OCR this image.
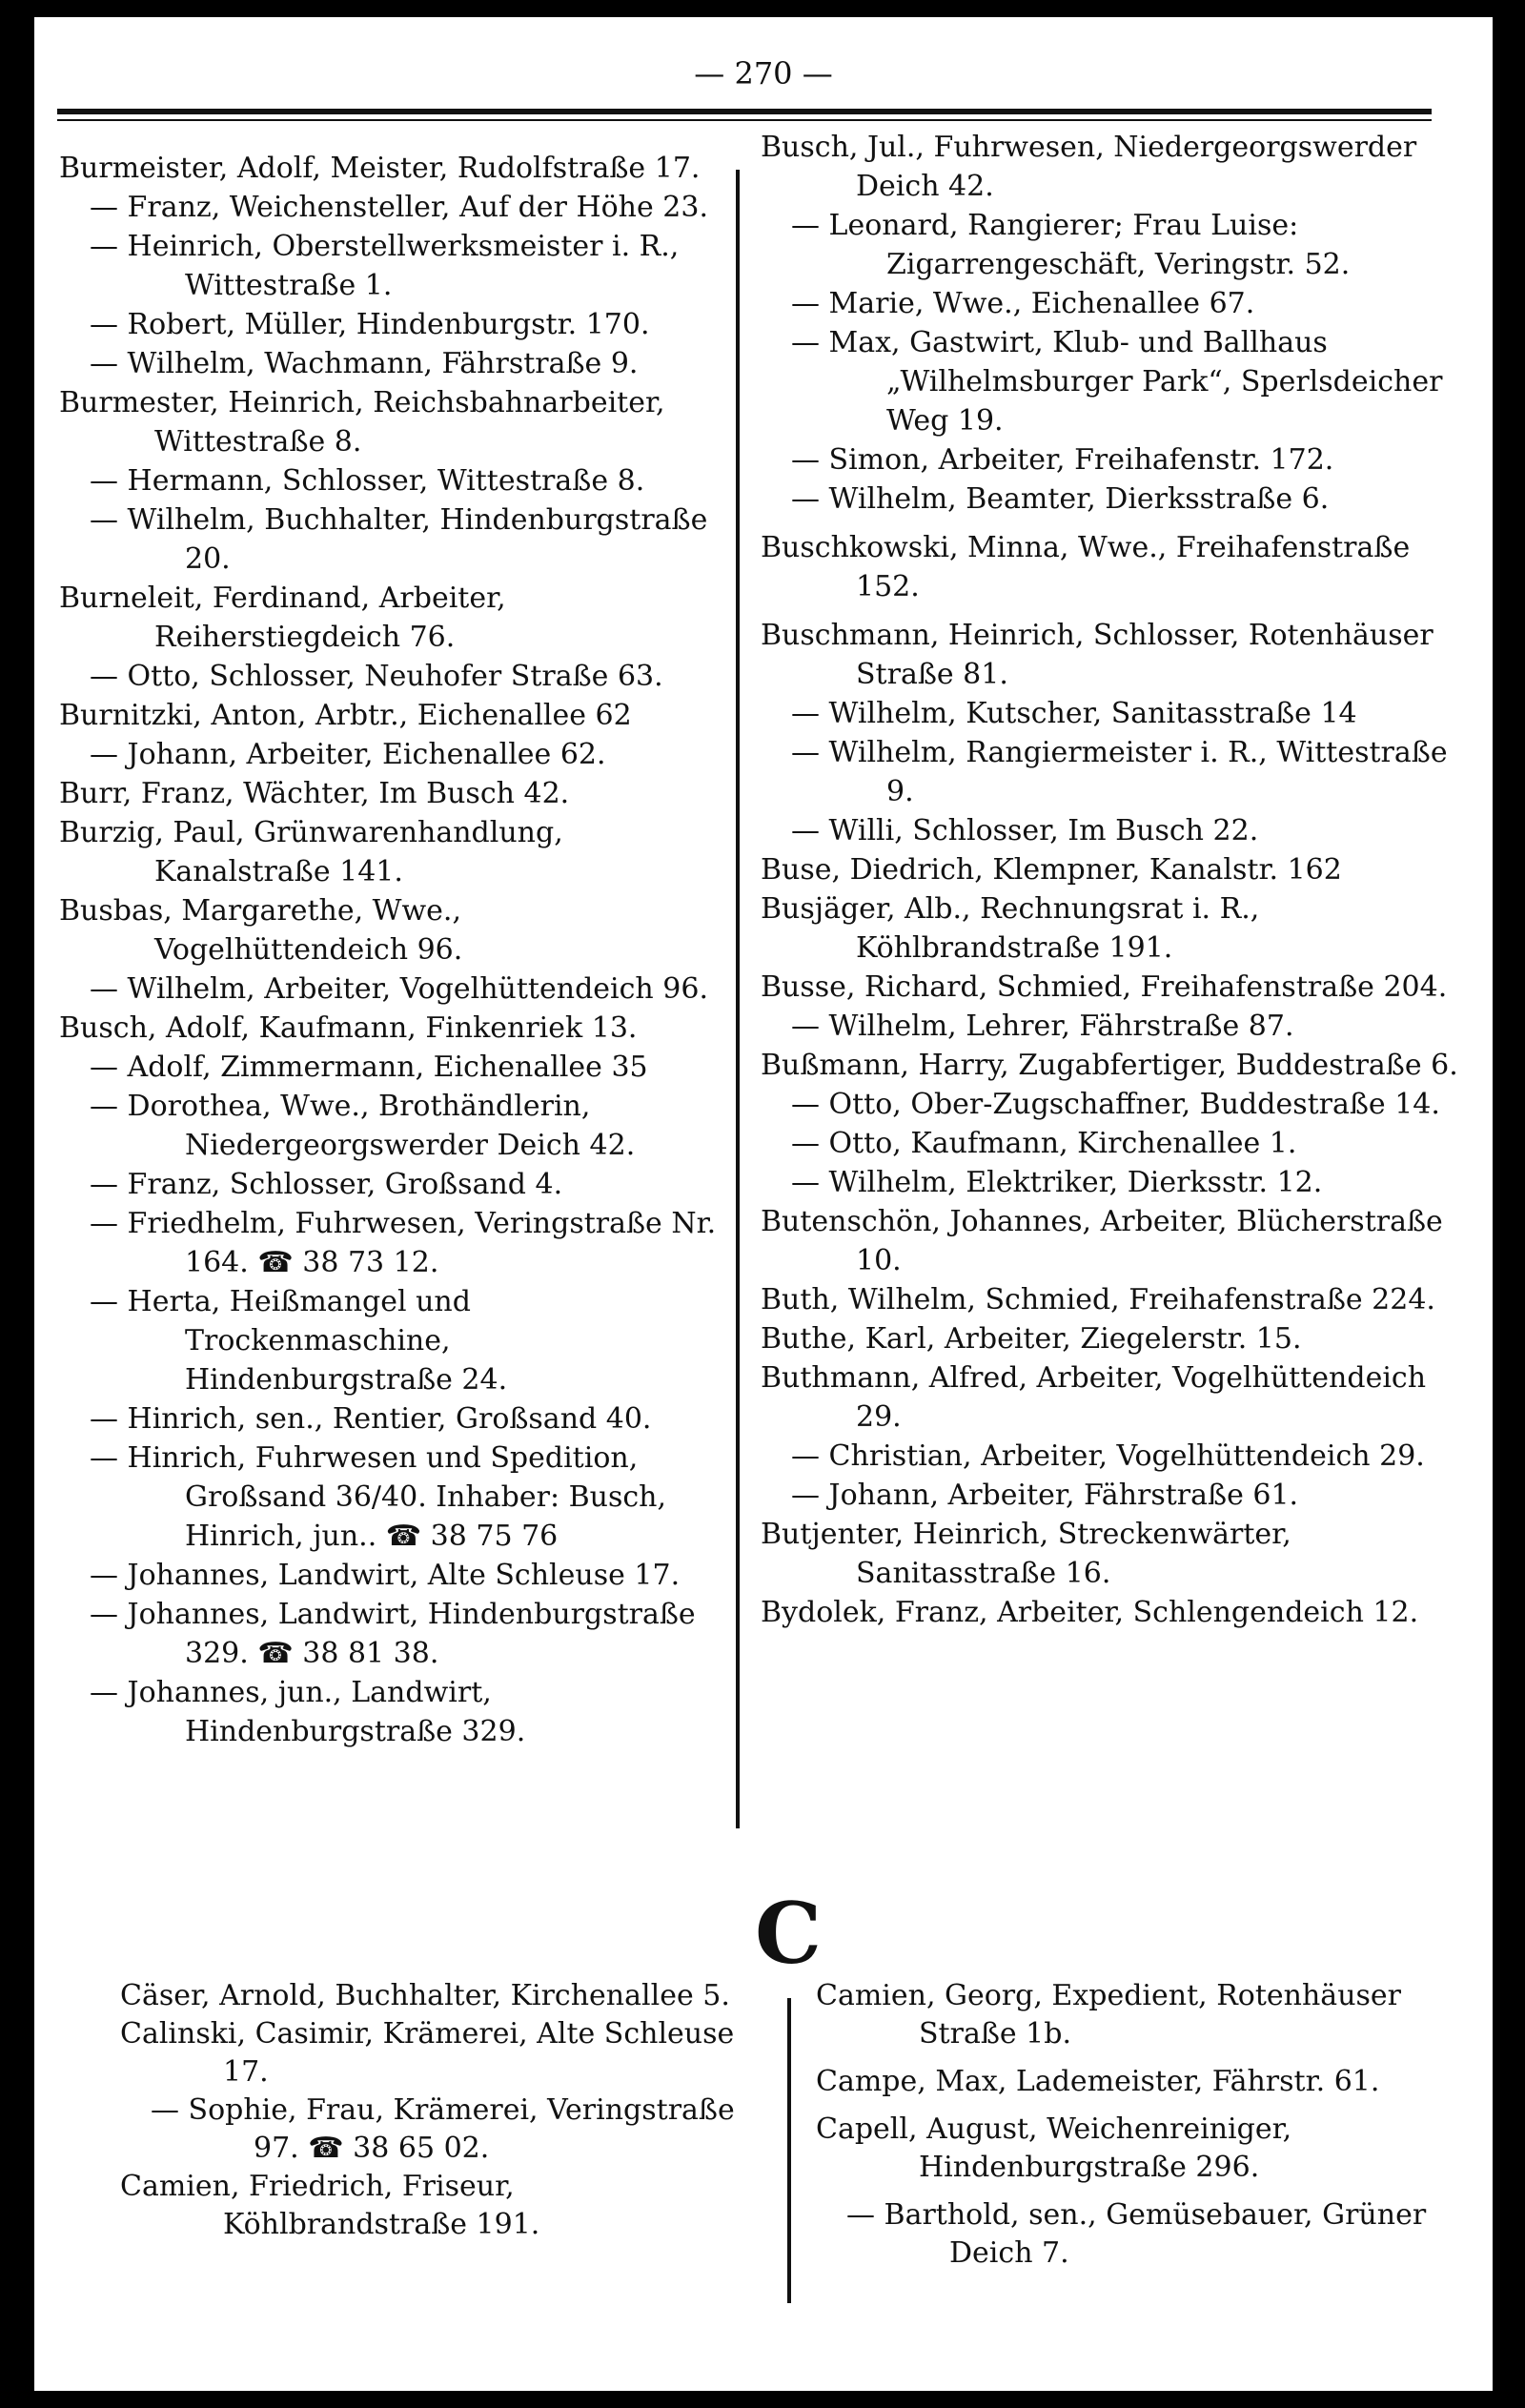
— 270 —
Burmeister, Adolf, Meister, Rudolfstraße 17.
— Franz, Weichensteller, Auf der Höhe 23.
— Heinrich, Oberstellwerksmeister i. R., Wittestraße 1.
— Robert, Müller, Hindenburgstr. 170.
— Wilhelm, Wachmann, Fährstraße 9.
Burmester, Heinrich, Reichsbahnarbeiter, Wittestraße 8.
— Hermann, Schlosser, Wittestraße 8.
— Wilhelm, Buchhalter, Hindenburgstraße 20.
Burneleit, Ferdinand, Arbeiter, Reiherstiegdeich 76.
— Otto, Schlosser, Neuhofer Straße 63.
Burnitzki, Anton, Arbtr., Eichenallee 62
— Johann, Arbeiter, Eichenallee 62.
Burr, Franz, Wächter, Im Busch 42.
Burzig, Paul, Grünwarenhandlung, Kanalstraße 141.
Busbas, Margarethe, Wwe., Vogelhüttendeich 96.
— Wilhelm, Arbeiter, Vogelhüttendeich 96.
Busch, Adolf, Kaufmann, Finkenriek 13.
— Adolf, Zimmermann, Eichenallee 35
— Dorothea, Wwe., Brothändlerin, Niedergeorgswerder Deich 42.
— Franz, Schlosser, Großsand 4.
— Friedhelm, Fuhrwesen, Veringstraße Nr. 164. ☎ 38 73 12.
— Herta, Heißmangel und Trockenmaschine, Hindenburgstraße 24.
— Hinrich, sen., Rentier, Großsand 40.
— Hinrich, Fuhrwesen und Spedition, Großsand 36/40. Inhaber: Busch, Hinrich, jun.. ☎ 38 75 76
— Johannes, Landwirt, Alte Schleuse 17.
— Johannes, Landwirt, Hindenburgstraße 329. ☎ 38 81 38.
— Johannes, jun., Landwirt, Hindenburgstraße 329.
Busch, Jul., Fuhrwesen, Niedergeorgswerder Deich 42.
— Leonard, Rangierer; Frau Luise: Zigarrengeschäft, Veringstr. 52.
— Marie, Wwe., Eichenallee 67.
— Max, Gastwirt, Klub- und Ballhaus „Wilhelmsburger Park“, Sperlsdeicher Weg 19.
— Simon, Arbeiter, Freihafenstr. 172.
— Wilhelm, Beamter, Dierksstraße 6.
Buschkowski, Minna, Wwe., Freihafenstraße 152.
Buschmann, Heinrich, Schlosser, Rotenhäuser Straße 81.
— Wilhelm, Kutscher, Sanitasstraße 14
— Wilhelm, Rangiermeister i. R., Wittestraße 9.
— Willi, Schlosser, Im Busch 22.
Buse, Diedrich, Klempner, Kanalstr. 162
Busjäger, Alb., Rechnungsrat i. R., Köhlbrandstraße 191.
Busse, Richard, Schmied, Freihafenstraße 204.
— Wilhelm, Lehrer, Fährstraße 87.
Bußmann, Harry, Zugabfertiger, Buddestraße 6.
— Otto, Ober-Zugschaffner, Buddestraße 14.
— Otto, Kaufmann, Kirchenallee 1.
— Wilhelm, Elektriker, Dierksstr. 12.
Butenschön, Johannes, Arbeiter, Blücherstraße 10.
Buth, Wilhelm, Schmied, Freihafenstraße 224.
Buthe, Karl, Arbeiter, Ziegelerstr. 15.
Buthmann, Alfred, Arbeiter, Vogelhüttendeich 29.
— Christian, Arbeiter, Vogelhüttendeich 29.
— Johann, Arbeiter, Fährstraße 61.
Butjenter, Heinrich, Streckenwärter, Sanitasstraße 16.
Bydolek, Franz, Arbeiter, Schlengendeich 12.
C
Cäser, Arnold, Buchhalter, Kirchenallee 5.
Calinski, Casimir, Krämerei, Alte Schleuse 17.
— Sophie, Frau, Krämerei, Veringstraße 97. ☎ 38 65 02.
Camien, Friedrich, Friseur, Köhlbrandstraße 191.
Camien, Georg, Expedient, Rotenhäuser Straße 1b.
Campe, Max, Lademeister, Fährstr. 61.
Capell, August, Weichenreiniger, Hindenburgstraße 296.
— Barthold, sen., Gemüsebauer, Grüner Deich 7.
